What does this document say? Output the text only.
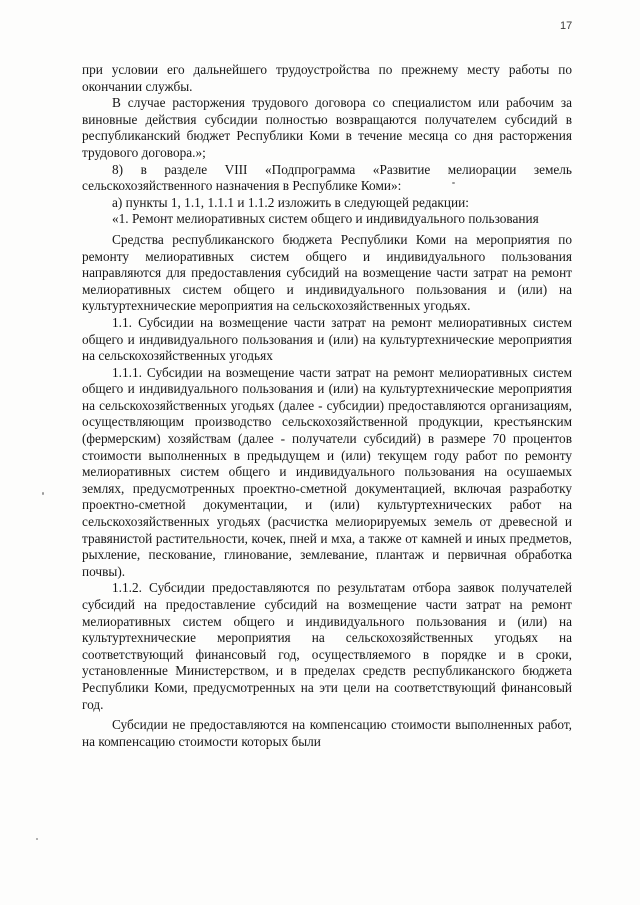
17

при условии его дальнейшего трудоустройства по прежнему месту работы по окончании службы.

В случае расторжения трудового договора со специалистом или рабочим за виновные действия субсидии полностью возвращаются получателем субсидий в республиканский бюджет Республики Коми в течение месяца со дня расторжения трудового договора.»;

8) в разделе VIII «Подпрограмма «Развитие мелиорации земель сельскохозяйственного назначения в Республике Коми»:

а) пункты 1, 1.1, 1.1.1 и 1.1.2 изложить в следующей редакции:

«1. Ремонт мелиоративных систем общего и индивидуального пользования

Средства республиканского бюджета Республики Коми на мероприятия по ремонту мелиоративных систем общего и индивидуального пользования направляются для предоставления субсидий на возмещение части затрат на ремонт мелиоративных систем общего и индивидуального пользования и (или) на культуртехнические мероприятия на сельскохозяйственных угодьях.

1.1. Субсидии на возмещение части затрат на ремонт мелиоративных систем общего и индивидуального пользования и (или) на культуртехнические мероприятия на сельскохозяйственных угодьях

1.1.1. Субсидии на возмещение части затрат на ремонт мелиоративных систем общего и индивидуального пользования и (или) на культуртехнические мероприятия на сельскохозяйственных угодьях (далее - субсидии) предоставляются организациям, осуществляющим производство сельскохозяйственной продукции, крестьянским (фермерским) хозяйствам (далее - получатели субсидий) в размере 70 процентов стоимости выполненных в предыдущем и (или) текущем году работ по ремонту мелиоративных систем общего и индивидуального пользования на осушаемых землях, предусмотренных проектно-сметной документацией, включая разработку проектно-сметной документации, и (или) культуртехнических работ на сельскохозяйственных угодьях (расчистка мелиорируемых земель от древесной и травянистой растительности, кочек, пней и мха, а также от камней и иных предметов, рыхление, пескование, глинование, землевание, плантаж и первичная обработка почвы).

1.1.2. Субсидии предоставляются по результатам отбора заявок получателей субсидий на предоставление субсидий на возмещение части затрат на ремонт мелиоративных систем общего и индивидуального пользования и (или) на культуртехнические мероприятия на сельскохозяйственных угодьях на соответствующий финансовый год, осуществляемого в порядке и в сроки, установленные Министерством, и в пределах средств республиканского бюджета Республики Коми, предусмотренных на эти цели на соответствующий финансовый год.

Субсидии не предоставляются на компенсацию стоимости выполненных работ, на компенсацию стоимости которых были
